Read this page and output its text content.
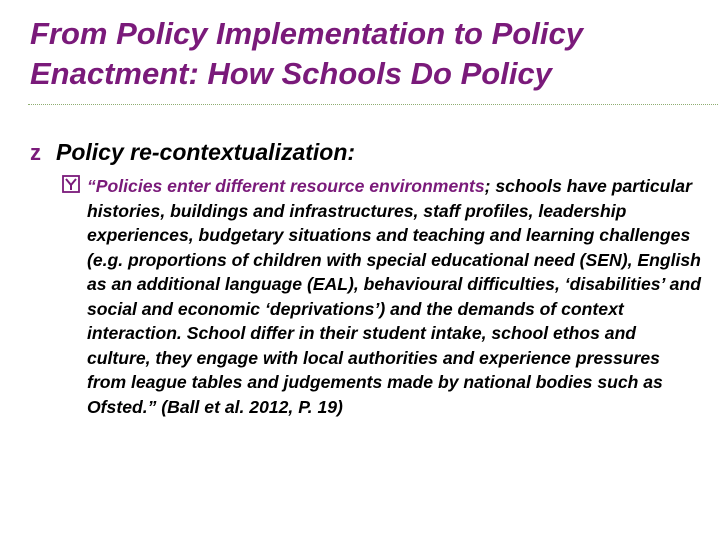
From Policy Implementation to Policy Enactment: How Schools Do Policy
z Policy re-contextualization:
“Policies enter different resource environments; schools have particular histories, buildings and infrastructures, staff profiles, leadership experiences, budgetary situations and teaching and learning challenges (e.g. proportions of children with special educational need (SEN), English as an additional language (EAL), behavioural difficulties, ‘disabilities’ and social and economic ‘deprivations’) and the demands of context interaction. School differ in their student intake, school ethos and culture, they engage with local authorities and experience pressures from league tables and judgements made by national bodies such as Ofsted.” (Ball et al. 2012, P. 19)
